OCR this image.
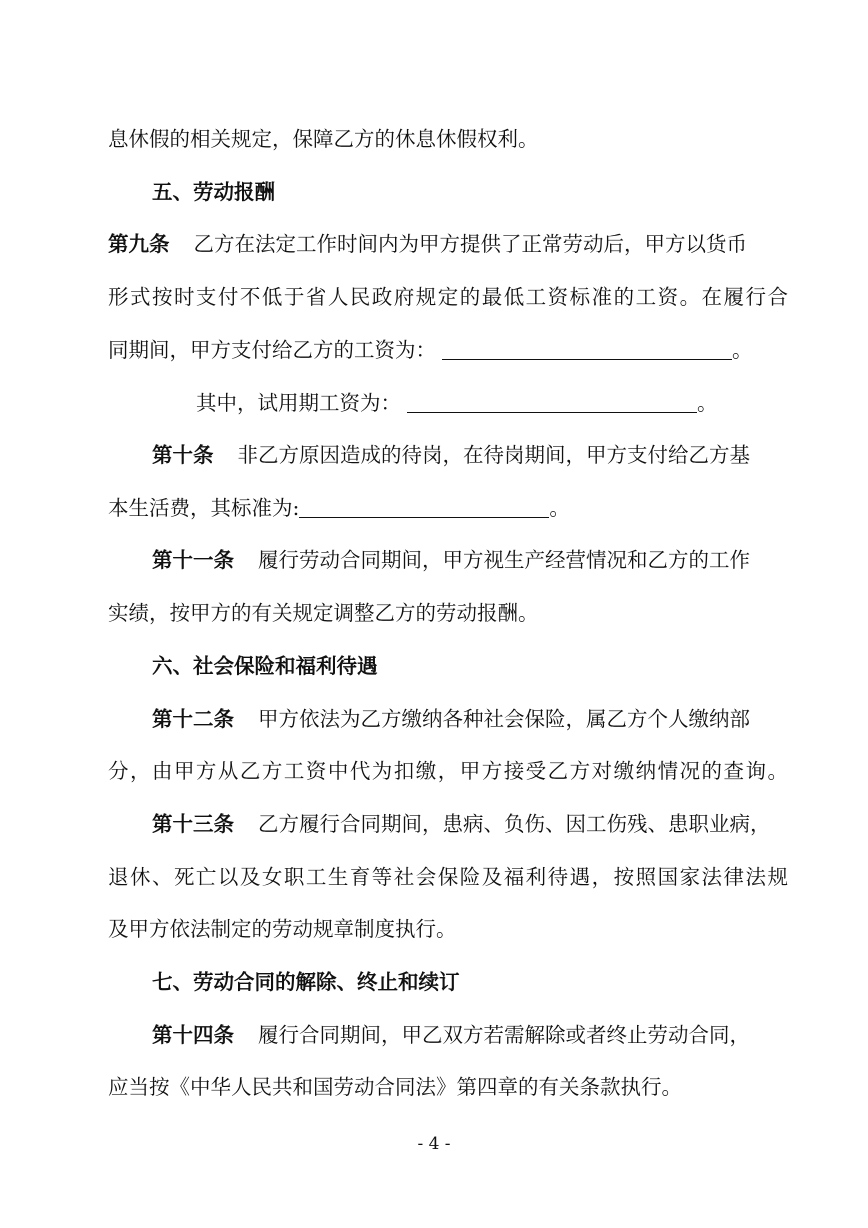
息休假的相关规定，保障乙方的休息休假权利。
五、劳动报酬
第九条 乙方在法定工作时间内为甲方提供了正常劳动后，甲方以货币
形式按时支付不低于省人民政府规定的最低工资标准的工资。在履行合
同期间，甲方支付给乙方的工资为：	。
其中，试用期工资为：	。
第十条 非乙方原因造成的待岗，在待岗期间，甲方支付给乙方基
本生活费，其标准为:	。
第十一条 履行劳动合同期间，甲方视生产经营情况和乙方的工作
实绩，按甲方的有关规定调整乙方的劳动报酬。
六、社会保险和福利待遇
第十二条 甲方依法为乙方缴纳各种社会保险，属乙方个人缴纳部
分，由甲方从乙方工资中代为扣缴，甲方接受乙方对缴纳情况的查询。
第十三条 乙方履行合同期间，患病、负伤、因工伤残、患职业病，
退休、死亡以及女职工生育等社会保险及福利待遇，按照国家法律法规
及甲方依法制定的劳动规章制度执行。
七、劳动合同的解除、终止和续订
第十四条 履行合同期间，甲乙双方若需解除或者终止劳动合同，
应当按《中华人民共和国劳动合同法》第四章的有关条款执行。
- 4 -
